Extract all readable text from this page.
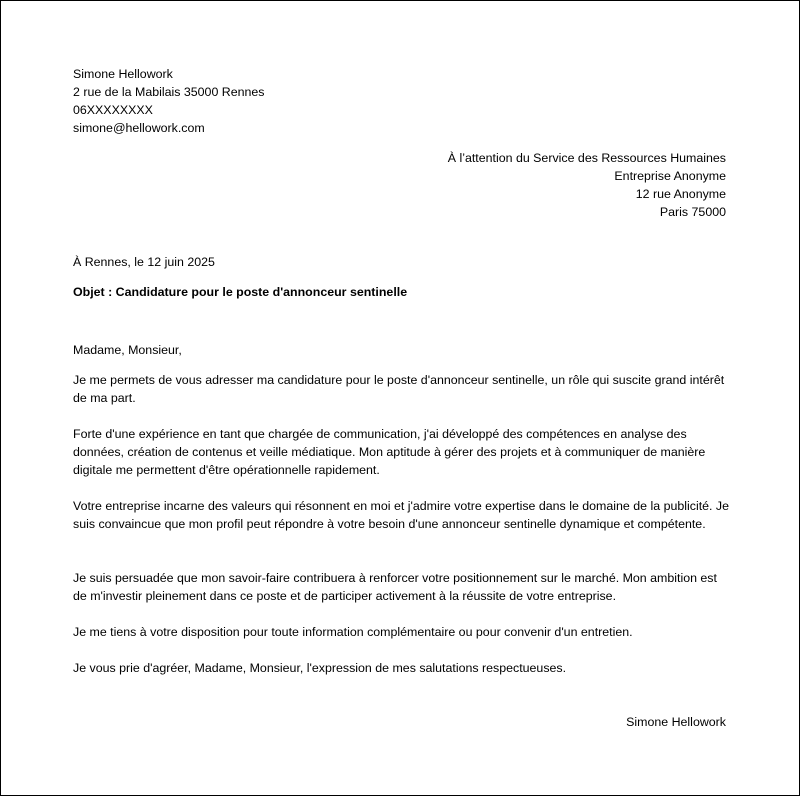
Simone Hellowork
2 rue de la Mabilais 35000 Rennes
06XXXXXXXX
simone@hellowork.com
À l’attention du Service des Ressources Humaines
Entreprise Anonyme
12 rue Anonyme
Paris 75000
À Rennes, le 12 juin 2025
Objet : Candidature pour le poste d'annonceur sentinelle
Madame, Monsieur,

Je me permets de vous adresser ma candidature pour le poste d'annonceur sentinelle, un rôle qui suscite grand intérêt de ma part.

Forte d'une expérience en tant que chargée de communication, j'ai développé des compétences en analyse des données, création de contenus et veille médiatique. Mon aptitude à gérer des projets et à communiquer de manière digitale me permettent d'être opérationnelle rapidement.

Votre entreprise incarne des valeurs qui résonnent en moi et j'admire votre expertise dans le domaine de la publicité. Je suis convaincue que mon profil peut répondre à votre besoin d'une annonceur sentinelle dynamique et compétente.

Je suis persuadée que mon savoir-faire contribuera à renforcer votre positionnement sur le marché. Mon ambition est de m'investir pleinement dans ce poste et de participer activement à la réussite de votre entreprise.

Je me tiens à votre disposition pour toute information complémentaire ou pour convenir d'un entretien.

Je vous prie d'agréer, Madame, Monsieur, l'expression de mes salutations respectueuses.

Simone Hellowork
